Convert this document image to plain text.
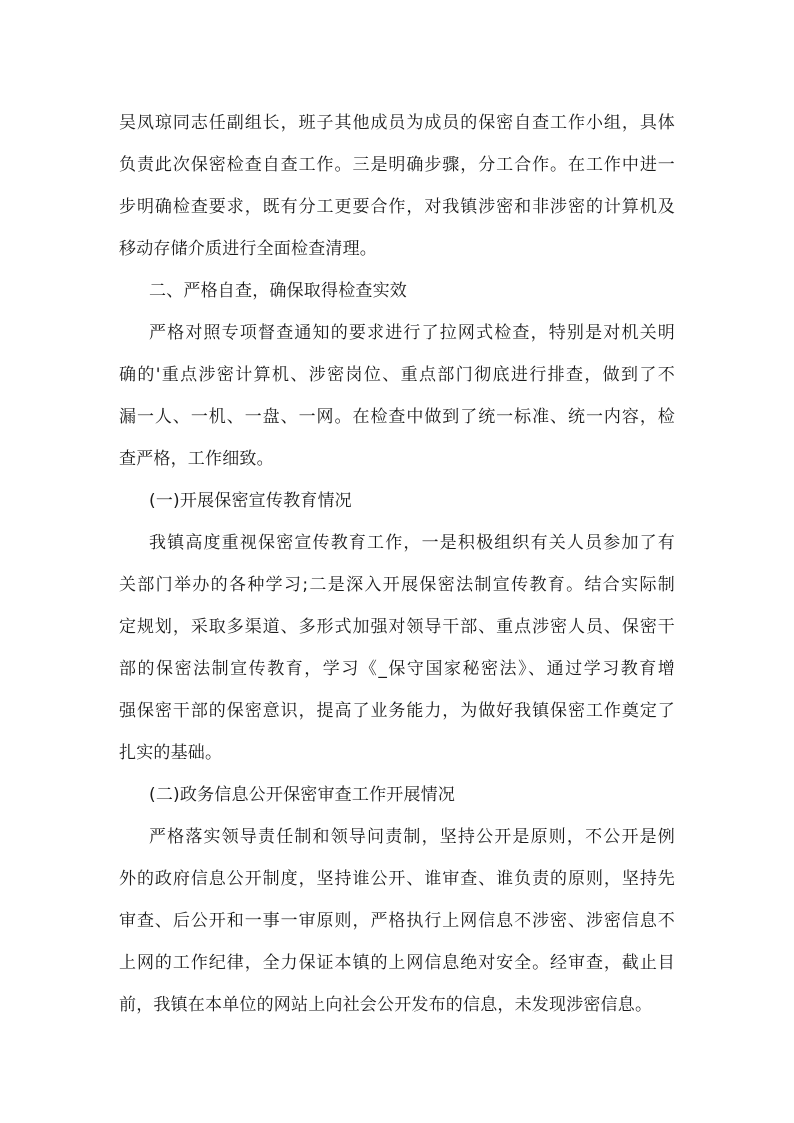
吴凤琼同志任副组长，班子其他成员为成员的保密自查工作小组，具体
负责此次保密检查自查工作。三是明确步骤，分工合作。在工作中进一
步明确检查要求，既有分工更要合作，对我镇涉密和非涉密的计算机及
移动存储介质进行全面检查清理。
二、严格自查，确保取得检查实效
严格对照专项督查通知的要求进行了拉网式检查，特别是对机关明
确的'重点涉密计算机、涉密岗位、重点部门彻底进行排查，做到了不
漏一人、一机、一盘、一网。在检查中做到了统一标准、统一内容，检
查严格，工作细致。
(一)开展保密宣传教育情况
我镇高度重视保密宣传教育工作，一是积极组织有关人员参加了有
关部门举办的各种学习;二是深入开展保密法制宣传教育。结合实际制
定规划，采取多渠道、多形式加强对领导干部、重点涉密人员、保密干
部的保密法制宣传教育，学习《_保守国家秘密法》、通过学习教育增
强保密干部的保密意识，提高了业务能力，为做好我镇保密工作奠定了
扎实的基础。
(二)政务信息公开保密审查工作开展情况
严格落实领导责任制和领导问责制，坚持公开是原则，不公开是例
外的政府信息公开制度，坚持谁公开、谁审查、谁负责的原则，坚持先
审查、后公开和一事一审原则，严格执行上网信息不涉密、涉密信息不
上网的工作纪律，全力保证本镇的上网信息绝对安全。经审查，截止目
前，我镇在本单位的网站上向社会公开发布的信息，未发现涉密信息。
